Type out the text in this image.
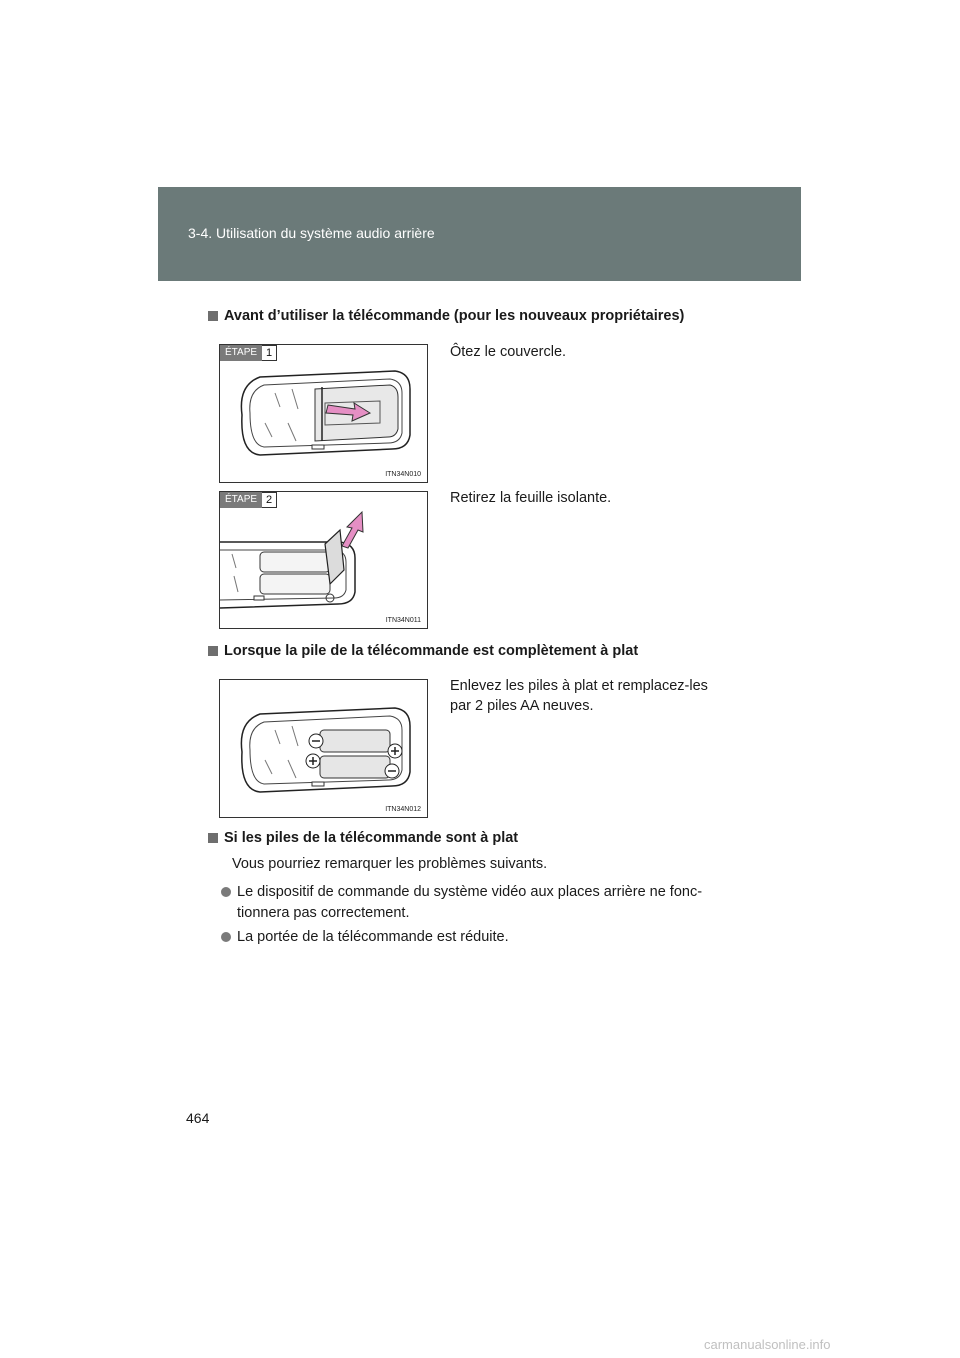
3-4. Utilisation du système audio arrière
Avant d’utiliser la télécommande (pour les nouveaux propriétaires)
ÉTAPE 1
ITN34N010
Ôtez le couvercle.
ÉTAPE 2
ITN34N011
Retirez la feuille isolante.
Lorsque la pile de la télécommande est complètement à plat
ITN34N012
Enlevez les piles à plat et remplacez-les
par 2 piles AA neuves.
Si les piles de la télécommande sont à plat
Vous pourriez remarquer les problèmes suivants.
Le dispositif de commande du système vidéo aux places arrière ne fonc-
tionnera pas correctement.
La portée de la télécommande est réduite.
464
carmanualsonline.info
